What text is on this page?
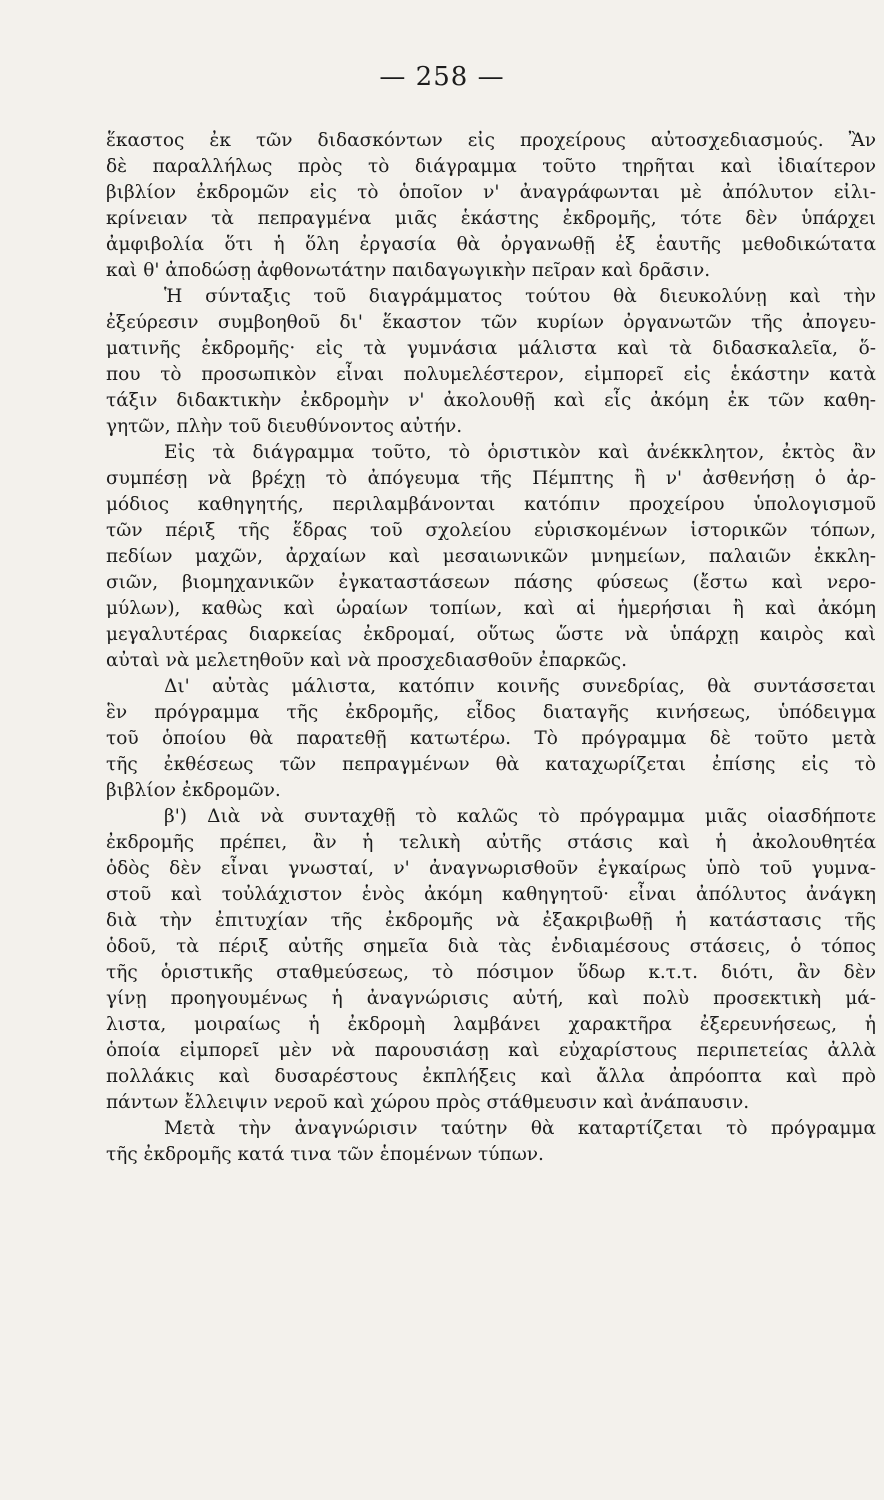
— 258 —
ἕκαστος ἐκ τῶν διδασκόντων εἰς προχείρους αὐτοσχεδιασμούς. Ἂν
δὲ παραλλήλως πρὸς τὸ διάγραμμα τοῦτο τηρῆται καὶ ἰδιαίτερον
βιβλίον ἐκδρομῶν εἰς τὸ ὁποῖον ν' ἀναγράφωνται μὲ ἀπόλυτον εἰλι-
κρίνειαν τὰ πεπραγμένα μιᾶς ἑκάστης ἐκδρομῆς, τότε δὲν ὑπάρχει
ἀμφιβολία ὅτι ἡ ὅλη ἐργασία θὰ ὀργανωθῇ ἐξ ἑαυτῆς μεθοδικώτατα
καὶ θ' ἀποδώσῃ ἀφθονωτάτην παιδαγωγικὴν πεῖραν καὶ δρᾶσιν.
Ἡ σύνταξις τοῦ διαγράμματος τούτου θὰ διευκολύνῃ καὶ τὴν
ἐξεύρεσιν συμβοηθοῦ δι' ἕκαστον τῶν κυρίων ὀργανωτῶν τῆς ἀπογευ-
ματινῆς ἐκδρομῆς· εἰς τὰ γυμνάσια μάλιστα καὶ τὰ διδασκαλεῖα, ὅ-
που τὸ προσωπικὸν εἶναι πολυμελέστερον, εἰμπορεῖ εἰς ἑκάστην κατὰ
τάξιν διδακτικὴν ἐκδρομὴν ν' ἀκολουθῇ καὶ εἷς ἀκόμη ἐκ τῶν καθη-
γητῶν, πλὴν τοῦ διευθύνοντος αὐτήν.
Εἰς τὰ διάγραμμα τοῦτο, τὸ ὁριστικὸν καὶ ἀνέκκλητον, ἐκτὸς ἂν
συμπέσῃ νὰ βρέχῃ τὸ ἀπόγευμα τῆς Πέμπτης ἢ ν' ἀσθενήσῃ ὁ ἀρ-
μόδιος καθηγητής, περιλαμβάνονται κατόπιν προχείρου ὑπολογισμοῦ
τῶν πέριξ τῆς ἕδρας τοῦ σχολείου εὑρισκομένων ἱστορικῶν τόπων,
πεδίων μαχῶν, ἀρχαίων καὶ μεσαιωνικῶν μνημείων, παλαιῶν ἐκκλη-
σιῶν, βιομηχανικῶν ἐγκαταστάσεων πάσης φύσεως (ἔστω καὶ νερο-
μύλων), καθὼς καὶ ὡραίων τοπίων, καὶ αἱ ἡμερήσιαι ἢ καὶ ἀκόμη
μεγαλυτέρας διαρκείας ἐκδρομαί, οὕτως ὥστε νὰ ὑπάρχῃ καιρὸς καὶ
αὐταὶ νὰ μελετηθοῦν καὶ νὰ προσχεδιασθοῦν ἐπαρκῶς.
Δι' αὐτὰς μάλιστα, κατόπιν κοινῆς συνεδρίας, θὰ συντάσσεται
ἓν πρόγραμμα τῆς ἐκδρομῆς, εἶδος διαταγῆς κινήσεως, ὑπόδειγμα
τοῦ ὁποίου θὰ παρατεθῇ κατωτέρω. Τὸ πρόγραμμα δὲ τοῦτο μετὰ
τῆς ἐκθέσεως τῶν πεπραγμένων θὰ καταχωρίζεται ἐπίσης εἰς τὸ
βιβλίον ἐκδρομῶν.
β') Διὰ νὰ συνταχθῇ τὸ καλῶς τὸ πρόγραμμα μιᾶς οἱασδήποτε
ἐκδρομῆς πρέπει, ἂν ἡ τελικὴ αὐτῆς στάσις καὶ ἡ ἀκολουθητέα
ὁδὸς δὲν εἶναι γνωσταί, ν' ἀναγνωρισθοῦν ἐγκαίρως ὑπὸ τοῦ γυμνα-
στοῦ καὶ τοὐλάχιστον ἑνὸς ἀκόμη καθηγητοῦ· εἶναι ἀπόλυτος ἀνάγκη
διὰ τὴν ἐπιτυχίαν τῆς ἐκδρομῆς νὰ ἐξακριβωθῇ ἡ κατάστασις τῆς
ὁδοῦ, τὰ πέριξ αὐτῆς σημεῖα διὰ τὰς ἐνδιαμέσους στάσεις, ὁ τόπος
τῆς ὁριστικῆς σταθμεύσεως, τὸ πόσιμον ὕδωρ κ.τ.τ. διότι, ἂν δὲν
γίνῃ προηγουμένως ἡ ἀναγνώρισις αὐτή, καὶ πολὺ προσεκτικὴ μά-
λιστα, μοιραίως ἡ ἐκδρομὴ λαμβάνει χαρακτῆρα ἐξερευνήσεως, ἡ
ὁποία εἰμπορεῖ μὲν νὰ παρουσιάσῃ καὶ εὐχαρίστους περιπετείας ἀλλὰ
πολλάκις καὶ δυσαρέστους ἐκπλήξεις καὶ ἄλλα ἀπρόοπτα καὶ πρὸ
πάντων ἔλλειψιν νεροῦ καὶ χώρου πρὸς στάθμευσιν καὶ ἀνάπαυσιν.
Μετὰ τὴν ἀναγνώρισιν ταύτην θὰ καταρτίζεται τὸ πρόγραμμα
τῆς ἐκδρομῆς κατά τινα τῶν ἑπομένων τύπων.
